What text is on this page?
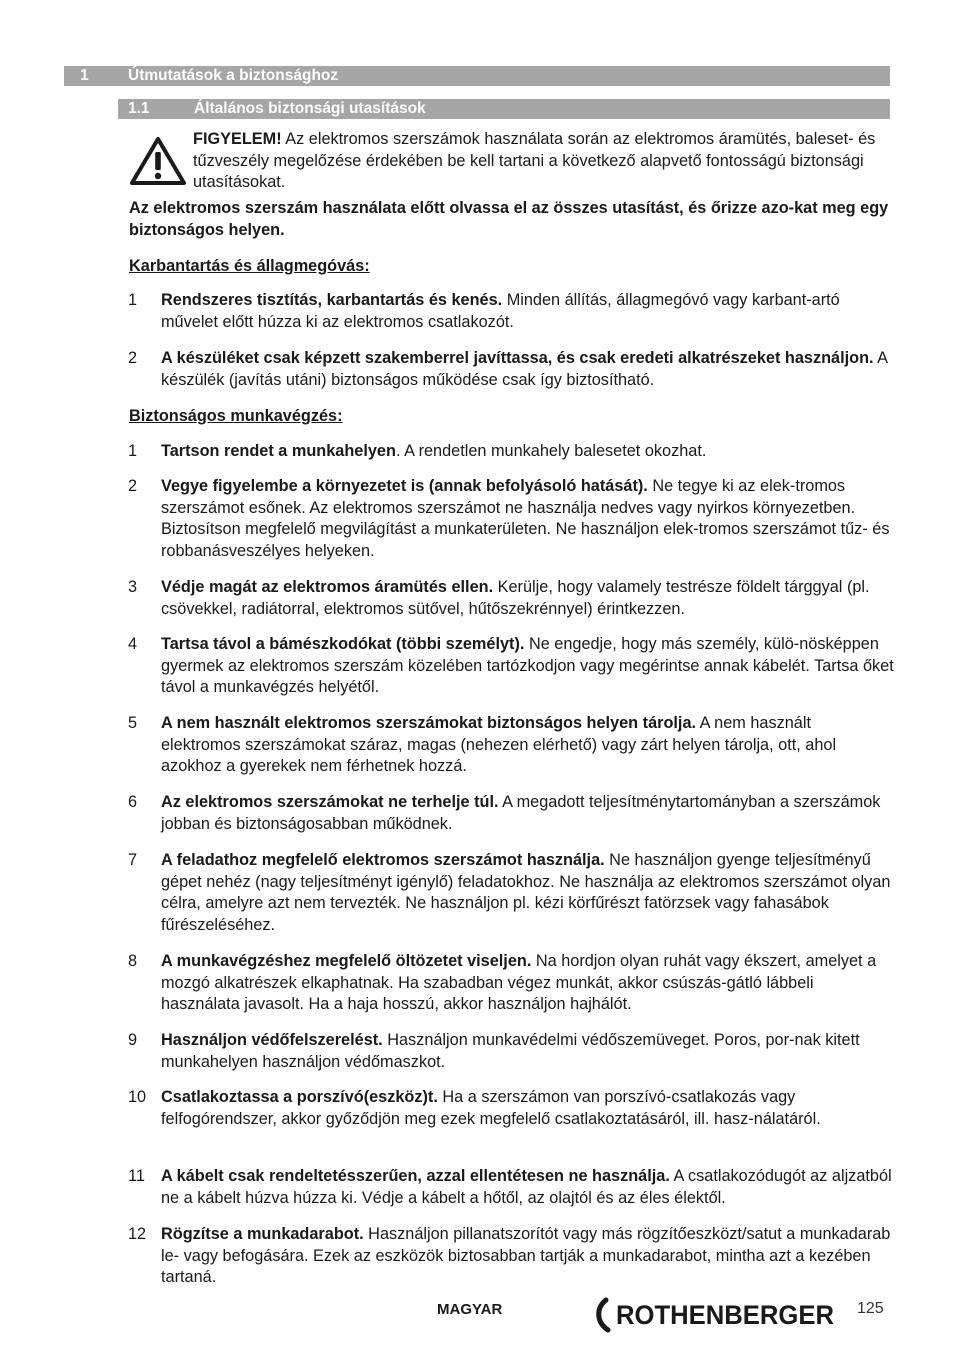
1	Útmutatások a biztonsághoz
1.1	Általános biztonsági utasítások
FIGYELEM! Az elektromos szerszámok használata során az elektromos áramütés, baleset- és tűzveszély megelőzése érdekében be kell tartani a következő alapvető fontosságú biztonsági utasításokat.
Az elektromos szerszám használata előtt olvassa el az összes utasítást, és őrizze azo-kat meg egy biztonságos helyen.
Karbantartás és állagmegóvás:
1 Rendszeres tisztítás, karbantartás és kenés. Minden állítás, állagmegóvó vagy karbant-artó művelet előtt húzza ki az elektromos csatlakozót.
2 A készüléket csak képzett szakemberrel javíttassa, és csak eredeti alkatrészeket használjon. A készülék (javítás utáni) biztonságos működése csak így biztosítható.
Biztonságos munkavégzés:
1 Tartson rendet a munkahelyen. A rendetlen munkahely balesetet okozhat.
2 Vegye figyelembe a környezetet is (annak befolyásoló hatását). Ne tegye ki az elek-tromos szerszámot esőnek. Az elektromos szerszámot ne használja nedves vagy nyirkos környezetben. Biztosítson megfelelő megvilágítást a munkaterületen. Ne használjon elek-tromos szerszámot tűz- és robbanásveszélyes helyeken.
3 Védje magát az elektromos áramütés ellen. Kerülje, hogy valamely testrésze földelt tárggyal (pl. csövekkel, radiátorral, elektromos sütővel, hűtőszekrénnyel) érintkezzen.
4 Tartsa távol a bámészkodókat (többi személyt). Ne engedje, hogy más személy, külö-nösképpen gyermek az elektromos szerszám közelében tartózkodjon vagy megérintse annak kábelét. Tartsa őket távol a munkavégzés helyétől.
5 A nem használt elektromos szerszámokat biztonságos helyen tárolja. A nem használt elektromos szerszámokat száraz, magas (nehezen elérhető) vagy zárt helyen tárolja, ott, ahol azokhoz a gyerekek nem férhetnek hozzá.
6 Az elektromos szerszámokat ne terhelje túl. A megadott teljesítménytartományban a szerszámok jobban és biztonságosabban működnek.
7 A feladathoz megfelelő elektromos szerszámot használja. Ne használjon gyenge teljesítményű gépet nehéz (nagy teljesítményt igénylő) feladatokhoz. Ne használja az elektromos szerszámot olyan célra, amelyre azt nem tervezték. Ne használjon pl. kézi körfűrészt fatörzsek vagy fahasábok fűrészeléséhez.
8 A munkavégzéshez megfelelő öltözetet viseljen. Na hordjon olyan ruhát vagy ékszert, amelyet a mozgó alkatrészek elkaphatnak. Ha szabadban végez munkát, akkor csúszás-gátló lábbeli használata javasolt. Ha a haja hosszú, akkor használjon hajhálót.
9 Használjon védőfelszerelést. Használjon munkavédelmi védőszemüveget. Poros, por-nak kitett munkahelyen használjon védőmaszkot.
10 Csatlakoztassa a porszívó(eszköz)t. Ha a szerszámon van porszívó-csatlakozás vagy felfogórendszer, akkor győződjön meg ezek megfelelő csatlakoztatásáról, ill. hasz-nálatáról.
11 A kábelt csak rendeltetésszerűen, azzal ellentétesen ne használja. A csatlakozódugót az aljzatból ne a kábelt húzva húzza ki. Védje a kábelt a hőtől, az olajtól és az éles élektől.
12 Rögzítse a munkadarabot. Használjon pillanatszorítót vagy más rögzítőeszközt/satut a munkadarab le- vagy befogására. Ezek az eszközök biztosabban tartják a munkadarabot, mintha azt a kezében tartaná.
MAGYAR	ROTHENBERGER 125
